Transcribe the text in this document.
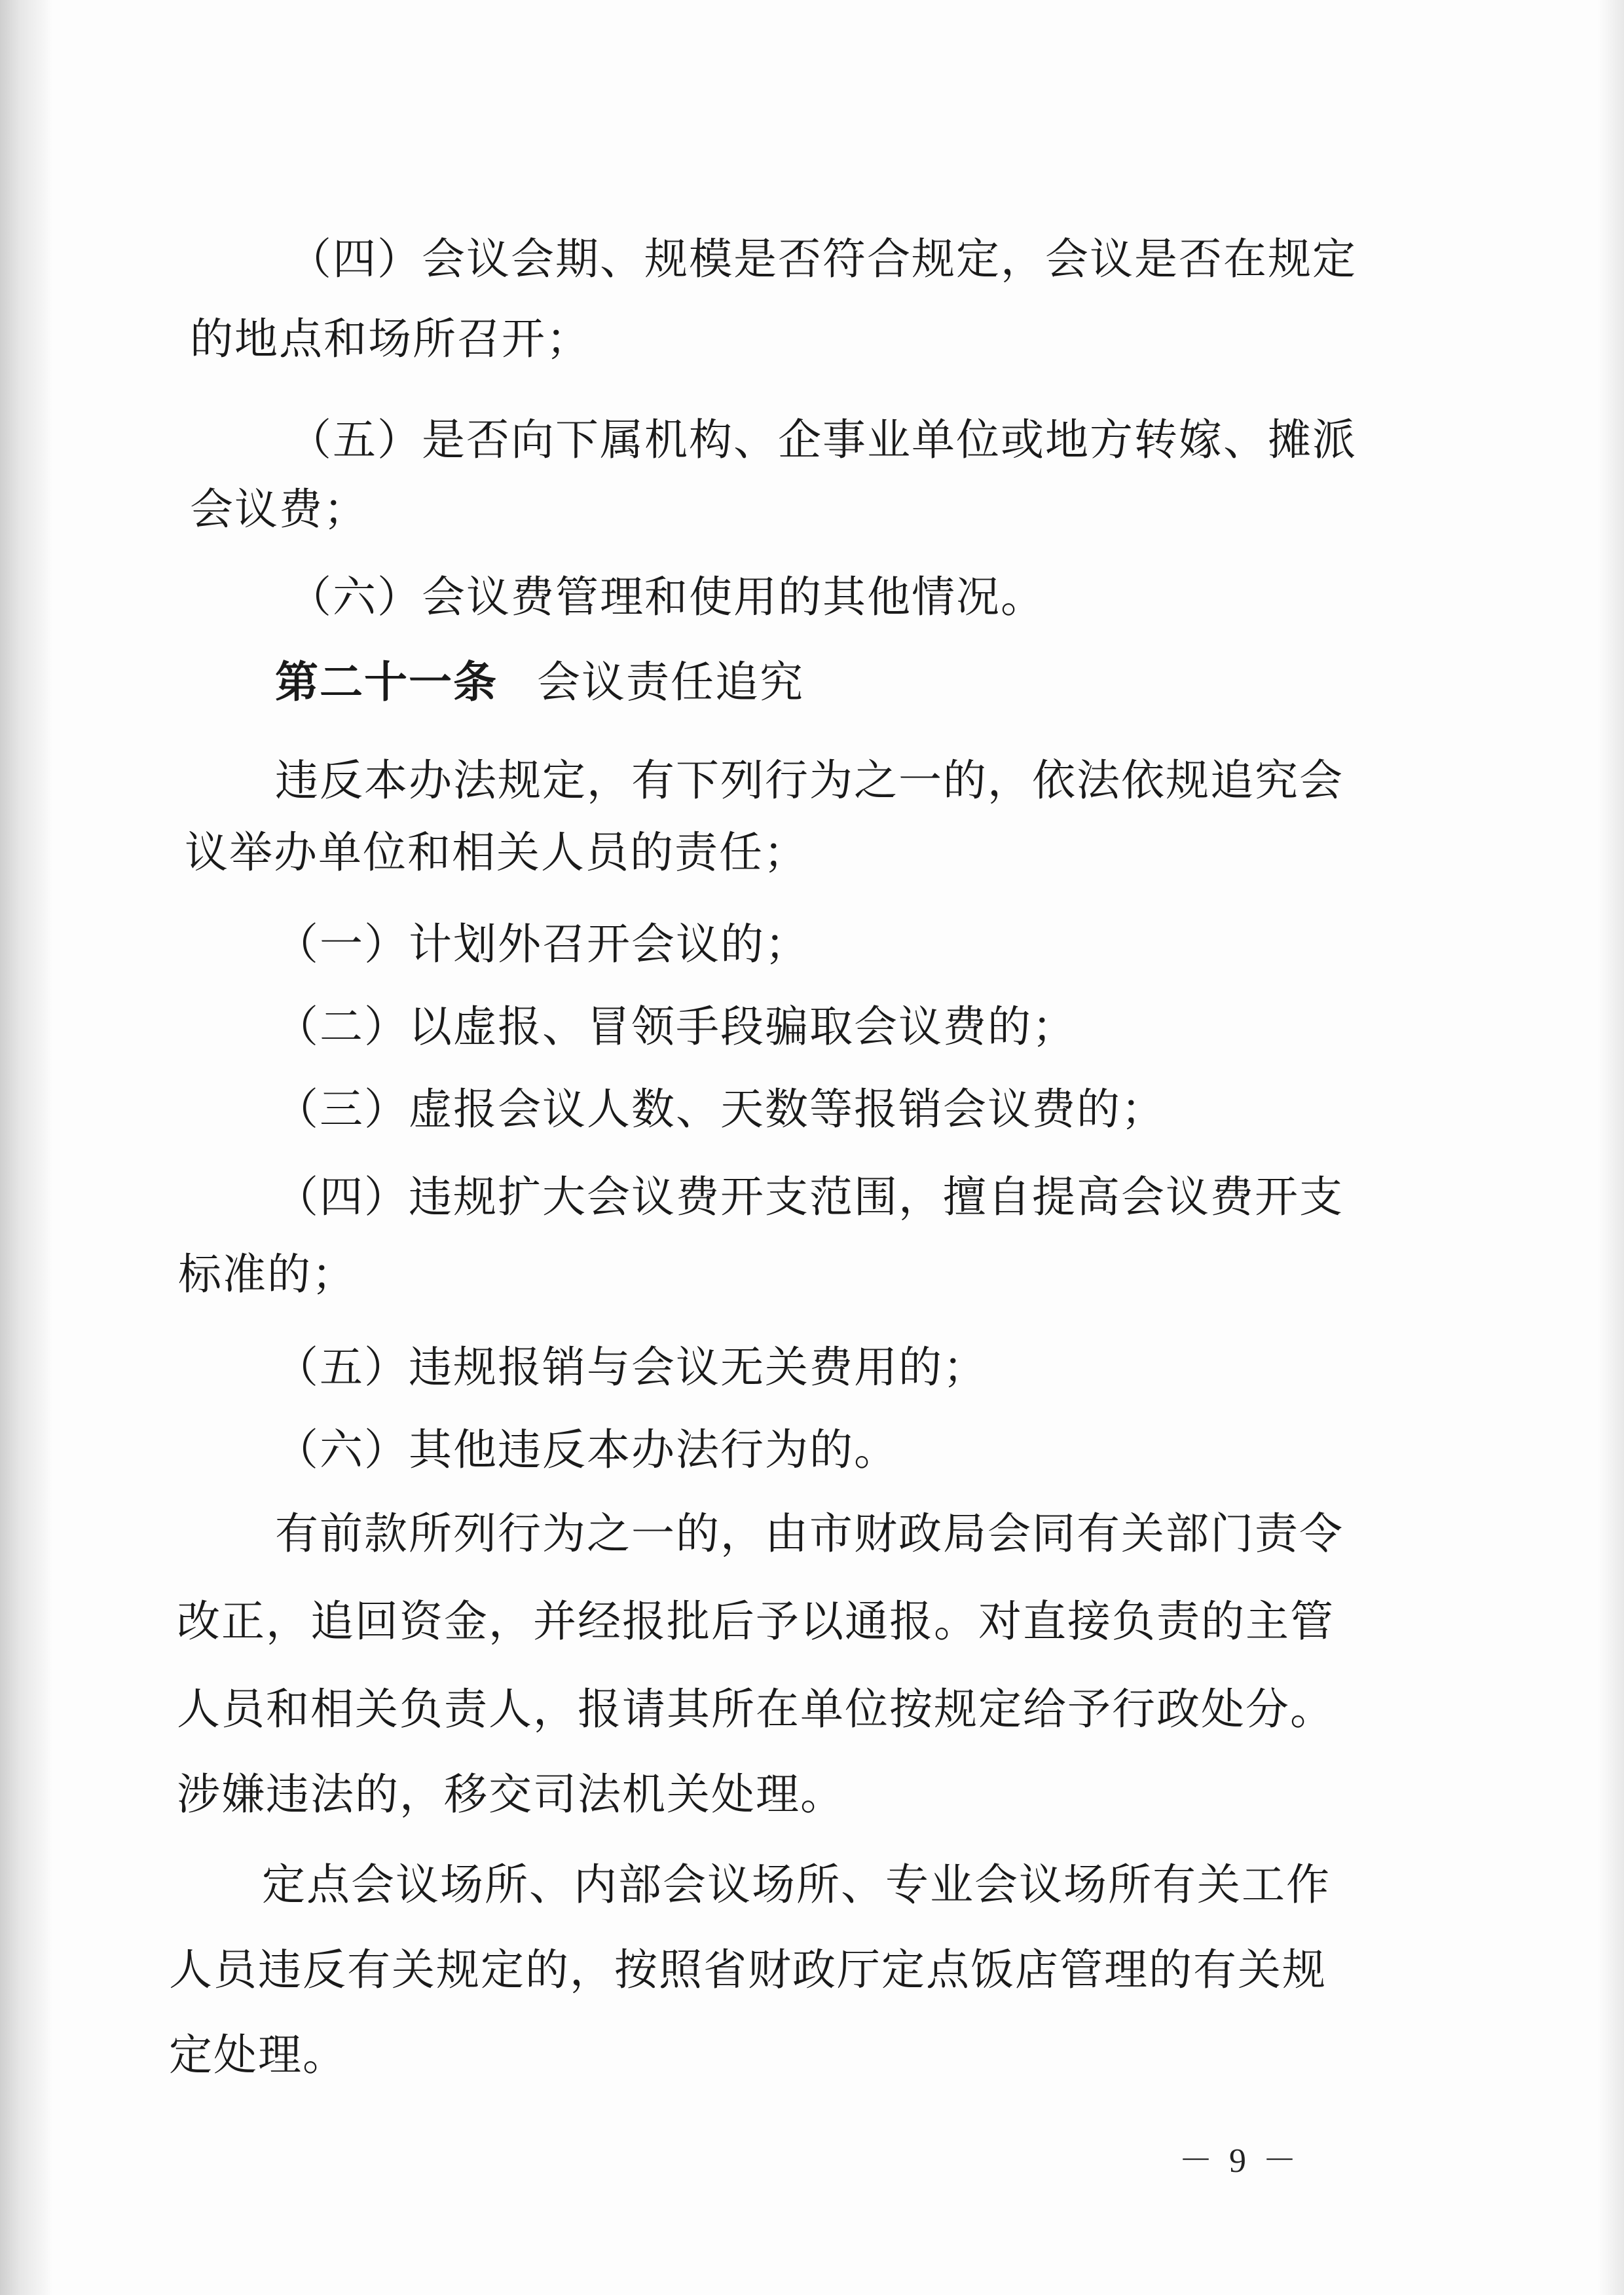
（四）会议会期、规模是否符合规定，会议是否在规定
的地点和场所召开；
（五）是否向下属机构、企事业单位或地方转嫁、摊派
会议费；
（六）会议费管理和使用的其他情况。
第二十一条 会议责任追究
违反本办法规定，有下列行为之一的，依法依规追究会
议举办单位和相关人员的责任；
（一）计划外召开会议的；
（二）以虚报、冒领手段骗取会议费的；
（三）虚报会议人数、天数等报销会议费的；
（四）违规扩大会议费开支范围，擅自提高会议费开支
标准的；
（五）违规报销与会议无关费用的；
（六）其他违反本办法行为的。
有前款所列行为之一的，由市财政局会同有关部门责令
改正，追回资金，并经报批后予以通报。对直接负责的主管
人员和相关负责人，报请其所在单位按规定给予行政处分。
涉嫌违法的，移交司法机关处理。
定点会议场所、内部会议场所、专业会议场所有关工作
人员违反有关规定的，按照省财政厅定点饭店管理的有关规
定处理。
－ 9 －
